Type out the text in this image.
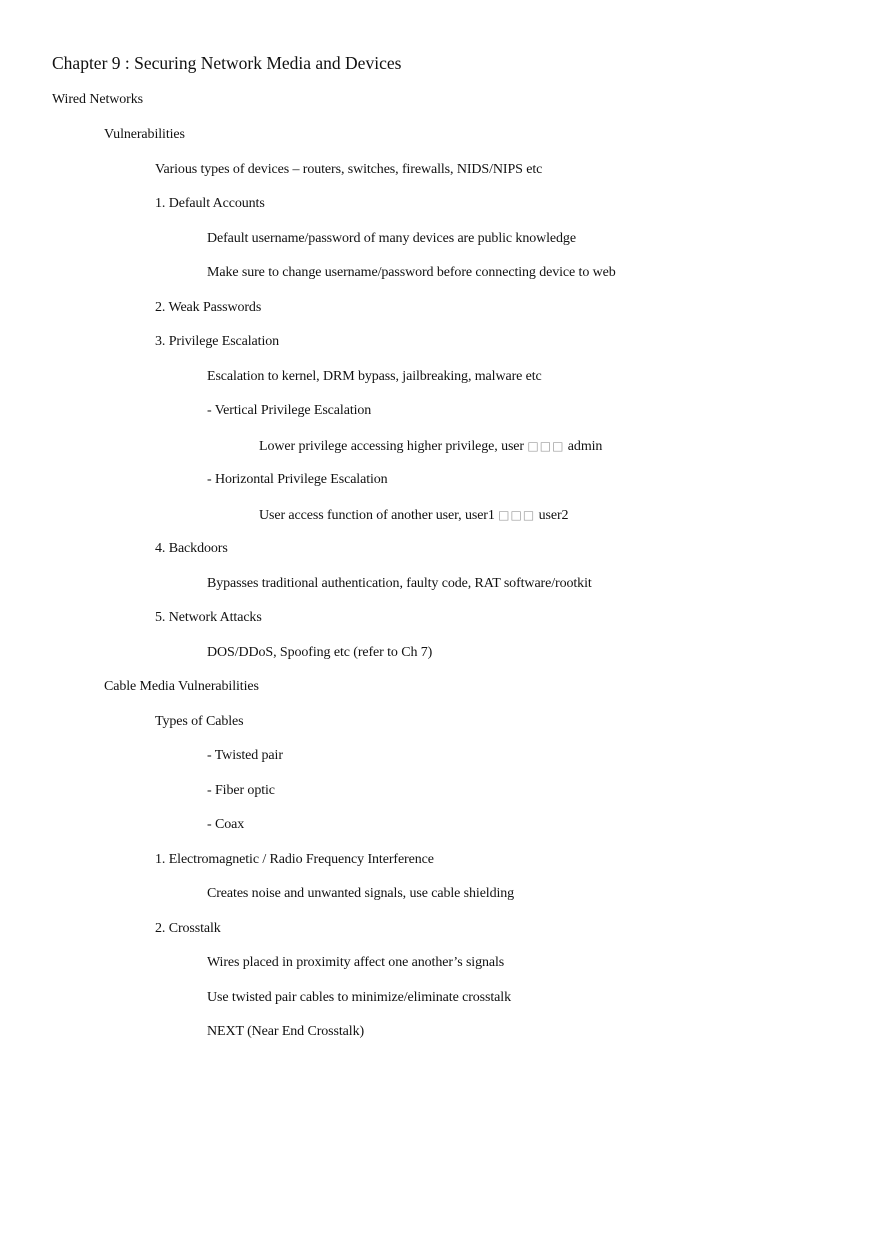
Chapter 9 : Securing Network Media and Devices

Wired Networks

Vulnerabilities

Various types of devices – routers, switches, firewalls, NIDS/NIPS etc

1. Default Accounts

Default username/password of many devices are public knowledge

Make sure to change username/password before connecting device to web

2. Weak Passwords

3. Privilege Escalation

Escalation to kernel, DRM bypass, jailbreaking, malware etc

- Vertical Privilege Escalation

Lower privilege accessing higher privilege, user □□□ admin

- Horizontal Privilege Escalation

User access function of another user, user1 □□□ user2

4. Backdoors

Bypasses traditional authentication, faulty code, RAT software/rootkit

5. Network Attacks

DOS/DDoS, Spoofing etc (refer to Ch 7)

Cable Media Vulnerabilities

Types of Cables

- Twisted pair

- Fiber optic

- Coax

1. Electromagnetic / Radio Frequency Interference

Creates noise and unwanted signals, use cable shielding

2. Crosstalk

Wires placed in proximity affect one another’s signals

Use twisted pair cables to minimize/eliminate crosstalk

NEXT (Near End Crosstalk)
